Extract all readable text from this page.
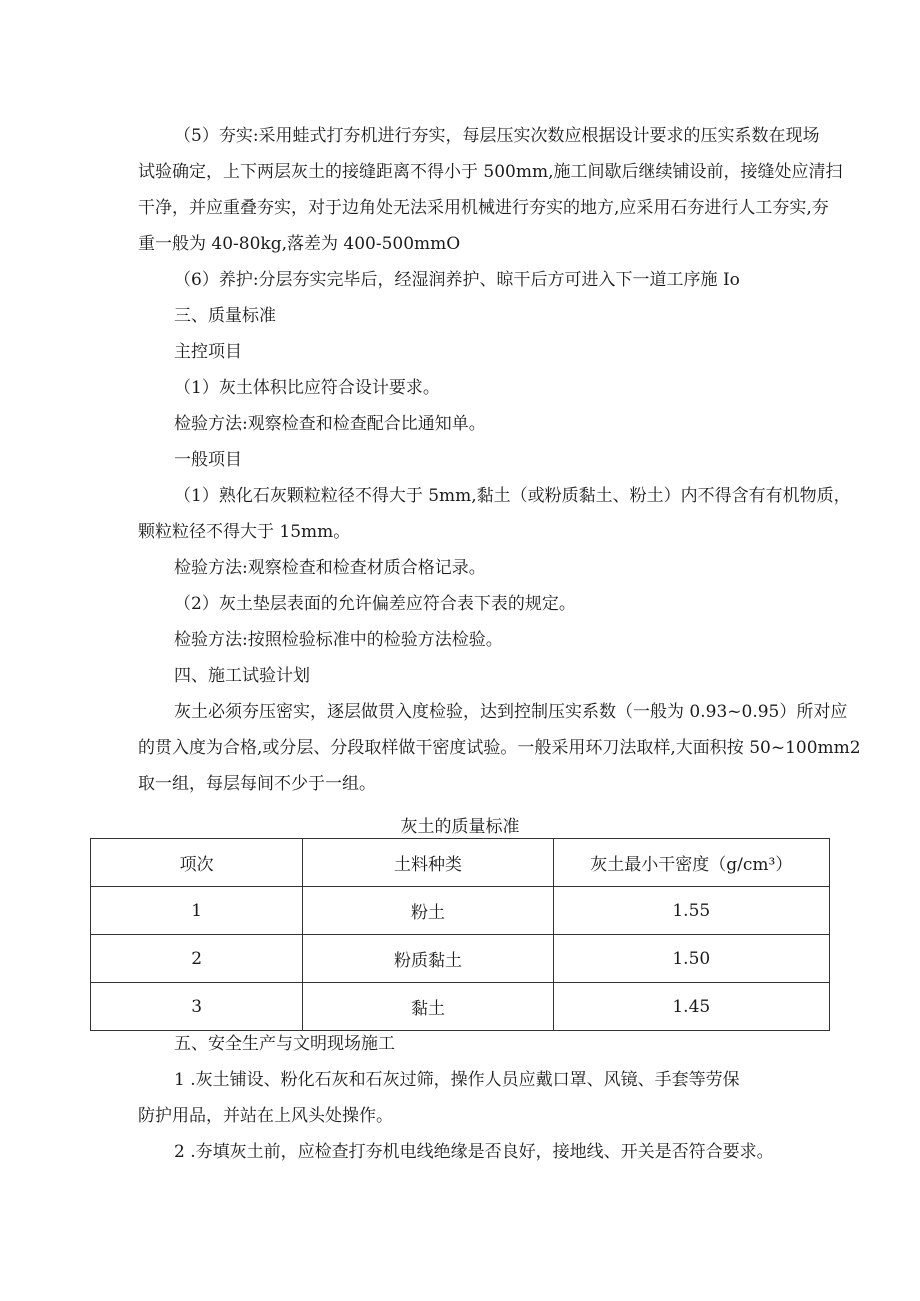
（5）夯实:采用蛙式打夯机进行夯实，每层压实次数应根据设计要求的压实系数在现场
试验确定，上下两层灰土的接缝距离不得小于 500mm,施工间歇后继续铺设前，接缝处应清扫
干净，并应重叠夯实，对于边角处无法采用机械进行夯实的地方,应采用石夯进行人工夯实,夯
重一般为 40-80kg,落差为 400-500mmO

（6）养护:分层夯实完毕后，经湿润养护、晾干后方可进入下一道工序施 Io

三、质量标准

主控项目

（1）灰土体积比应符合设计要求。

检验方法:观察检查和检查配合比通知单。

一般项目

（1）熟化石灰颗粒粒径不得大于 5mm,黏土（或粉质黏土、粉土）内不得含有有机物质，
颗粒粒径不得大于 15mm。

检验方法:观察检查和检查材质合格记录。

（2）灰土垫层表面的允许偏差应符合表下表的规定。

检验方法:按照检验标准中的检验方法检验。

四、施工试验计划

灰土必须夯压密实，逐层做贯入度检验，达到控制压实系数（一般为 0.93~0.95）所对应
的贯入度为合格,或分层、分段取样做干密度试验。一般采用环刀法取样,大面积按 50~100mm2
取一组，每层每间不少于一组。

灰土的质量标准
项次	土料种类	灰土最小干密度（g/cm³）
1	粉土	1.55
2	粉质黏土	1.50
3	黏土	1.45

五、安全生产与文明现场施工

1 .灰土铺设、粉化石灰和石灰过筛，操作人员应戴口罩、风镜、手套等劳保
防护用品，并站在上风头处操作。

2 .夯填灰土前，应检查打夯机电线绝缘是否良好，接地线、开关是否符合要求。
